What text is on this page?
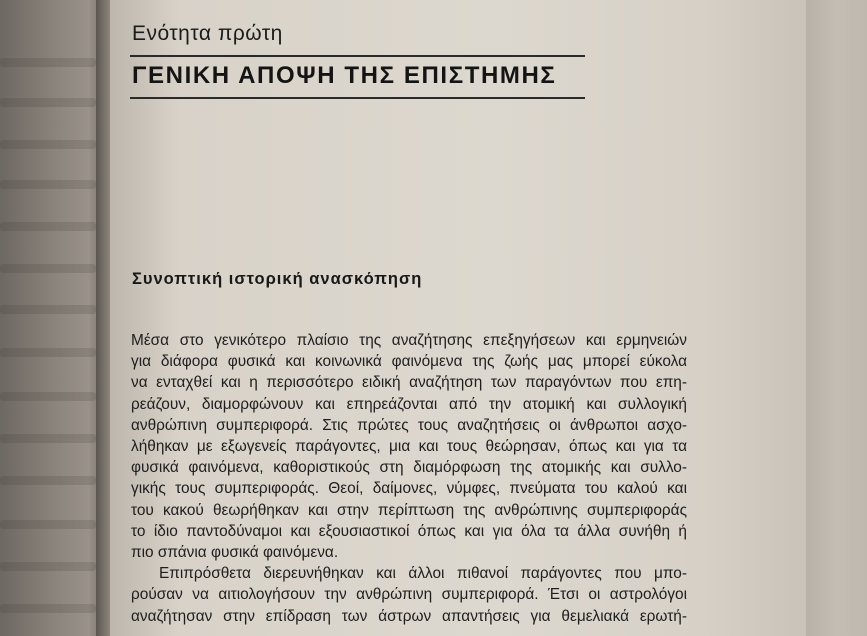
Ενότητα πρώτη
ΓΕΝΙΚΗ ΑΠΟΨΗ ΤΗΣ ΕΠΙΣΤΗΜΗΣ
Συνοπτική ιστορική ανασκόπηση
Μέσα στο γενικότερο πλαίσιο της αναζήτησης επεξηγήσεων και ερμηνειών
για διάφορα φυσικά και κοινωνικά φαινόμενα της ζωής μας μπορεί εύκολα
να ενταχθεί και η περισσότερο ειδική αναζήτηση των παραγόντων που επη-
ρεάζουν, διαμορφώνουν και επηρεάζονται από την ατομική και συλλογική
ανθρώπινη συμπεριφορά. Στις πρώτες τους αναζητήσεις οι άνθρωποι ασχο-
λήθηκαν με εξωγενείς παράγοντες, μια και τους θεώρησαν, όπως και για τα
φυσικά φαινόμενα, καθοριστικούς στη διαμόρφωση της ατομικής και συλλο-
γικής τους συμπεριφοράς. Θεοί, δαίμονες, νύμφες, πνεύματα του καλού και
του κακού θεωρήθηκαν και στην περίπτωση της ανθρώπινης συμπεριφοράς
το ίδιο παντοδύναμοι και εξουσιαστικοί όπως και για όλα τα άλλα συνήθη ή
πιο σπάνια φυσικά φαινόμενα.
Επιπρόσθετα διερευνήθηκαν και άλλοι πιθανοί παράγοντες που μπο-
ρούσαν να αιτιολογήσουν την ανθρώπινη συμπεριφορά. Έτσι οι αστρολόγοι
αναζήτησαν στην επίδραση των άστρων απαντήσεις για θεμελιακά ερωτή-
